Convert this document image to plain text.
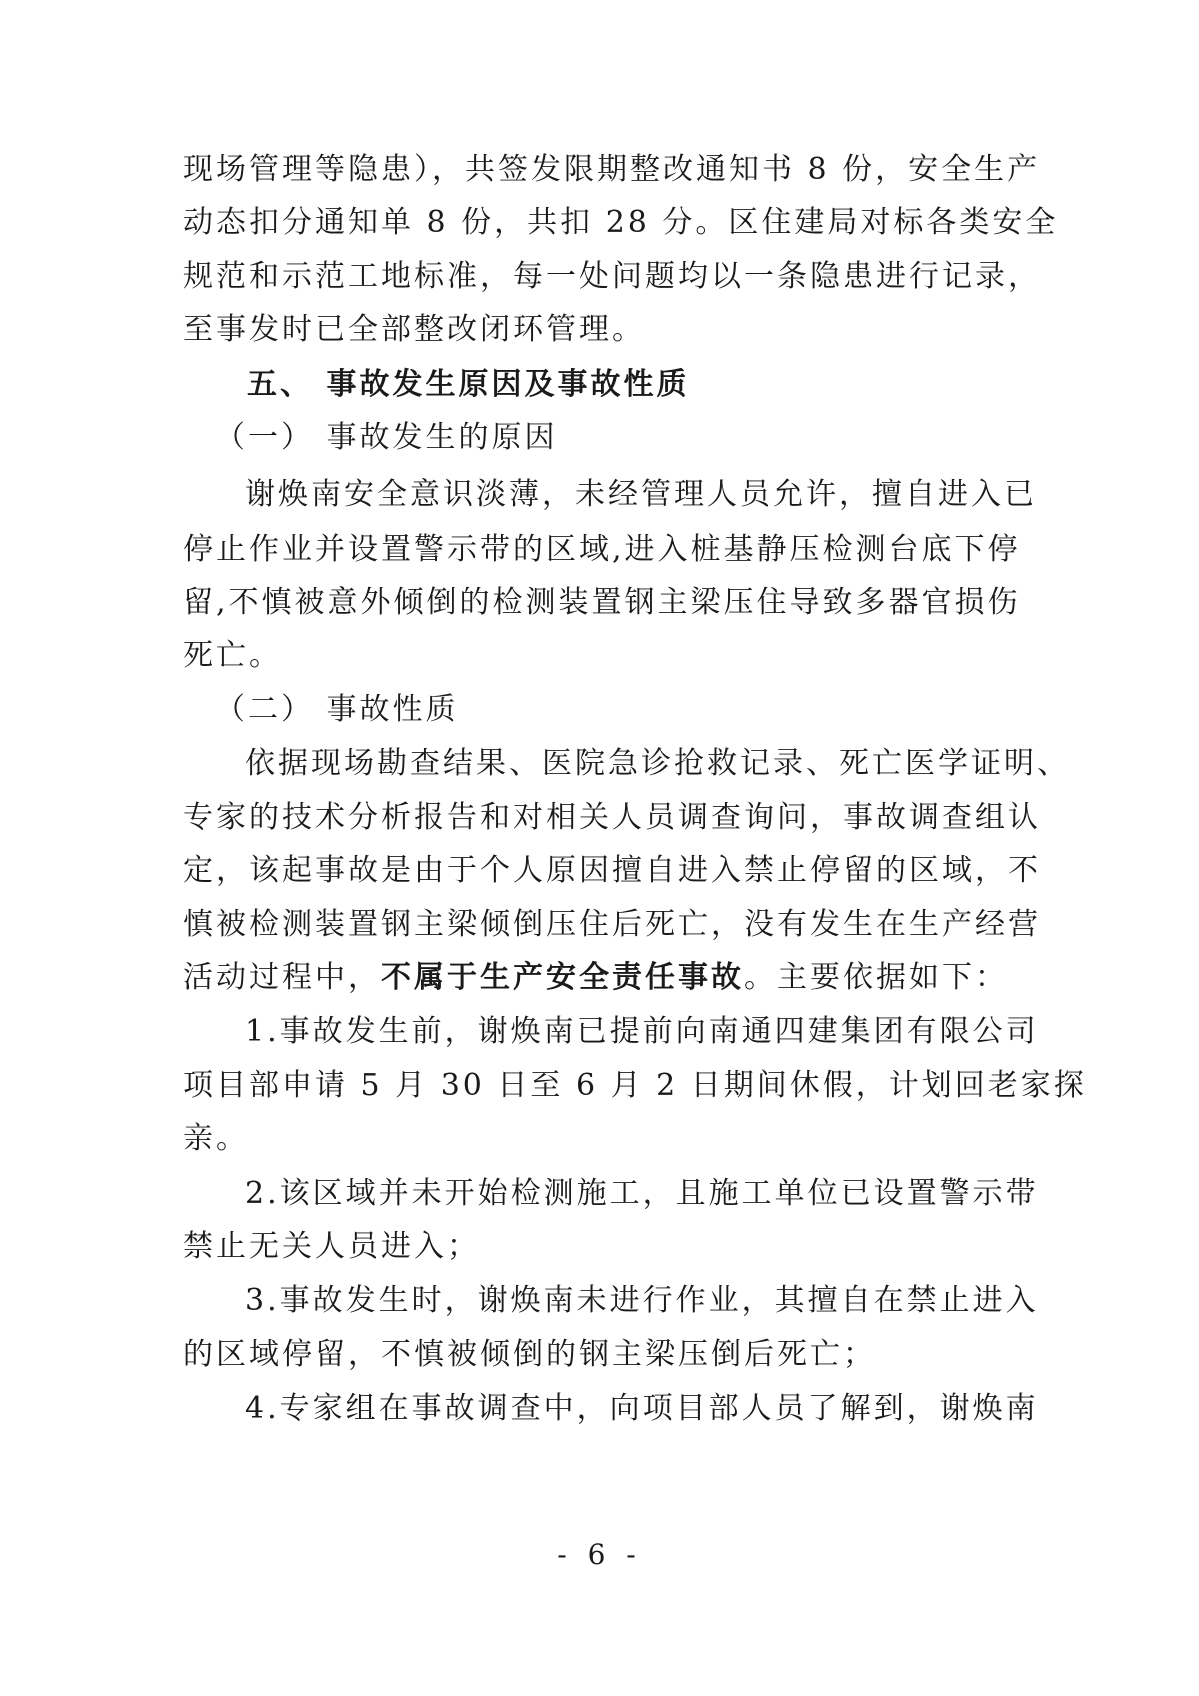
现场管理等隐患），共签发限期整改通知书 8 份，安全生产
动态扣分通知单 8 份，共扣 28 分。区住建局对标各类安全
规范和示范工地标准，每一处问题均以一条隐患进行记录，
至事发时已全部整改闭环管理。
五、 事故发生原因及事故性质
（一） 事故发生的原因
谢焕南安全意识淡薄，未经管理人员允许，擅自进入已
停止作业并设置警示带的区域,进入桩基静压检测台底下停
留,不慎被意外倾倒的检测装置钢主梁压住导致多器官损伤
死亡。
（二） 事故性质
依据现场勘查结果、医院急诊抢救记录、死亡医学证明、
专家的技术分析报告和对相关人员调查询问，事故调查组认
定，该起事故是由于个人原因擅自进入禁止停留的区域，不
慎被检测装置钢主梁倾倒压住后死亡，没有发生在生产经营
活动过程中，不属于生产安全责任事故。主要依据如下：
1.事故发生前，谢焕南已提前向南通四建集团有限公司
项目部申请 5 月 30 日至 6 月 2 日期间休假，计划回老家探
亲。
2.该区域并未开始检测施工，且施工单位已设置警示带
禁止无关人员进入；
3.事故发生时，谢焕南未进行作业，其擅自在禁止进入
的区域停留，不慎被倾倒的钢主梁压倒后死亡；
4.专家组在事故调查中，向项目部人员了解到，谢焕南
- 6 -
